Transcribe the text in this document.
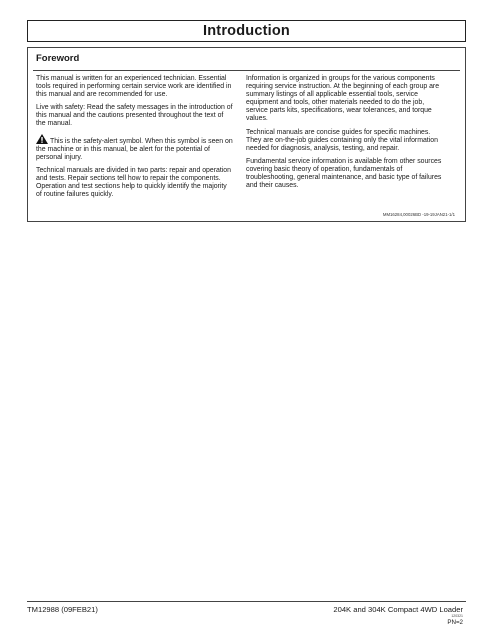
Introduction
Foreword

This manual is written for an experienced technician. Essential tools required in performing certain service work are identified in this manual and are recommended for use.

Live with safety: Read the safety messages in the introduction of this manual and the cautions presented throughout the text of the manual.

This is the safety-alert symbol. When this symbol is seen on the machine or in this manual, be alert for the potential of personal injury.

Technical manuals are divided in two parts: repair and operation and tests. Repair sections tell how to repair the components. Operation and test sections help to quickly identify the majority of routine failures quickly.

Information is organized in groups for the various components requiring service instruction. At the beginning of each group are summary listings of all applicable essential tools, service equipment and tools, other materials needed to do the job, service parts kits, specifications, wear tolerances, and torque values.

Technical manuals are concise guides for specific machines. They are on-the-job guides containing only the vital information needed for diagnosis, analysis, testing, and repair.

Fundamental service information is available from other sources covering basic theory of operation, fundamentals of troubleshooting, general maintenance, and basic type of failures and their causes.

MM16284,00026BD -19-19JAN21-1/1
TM12988 (09FEB21)	204K and 304K Compact 4WD Loader
120321
PN=2
